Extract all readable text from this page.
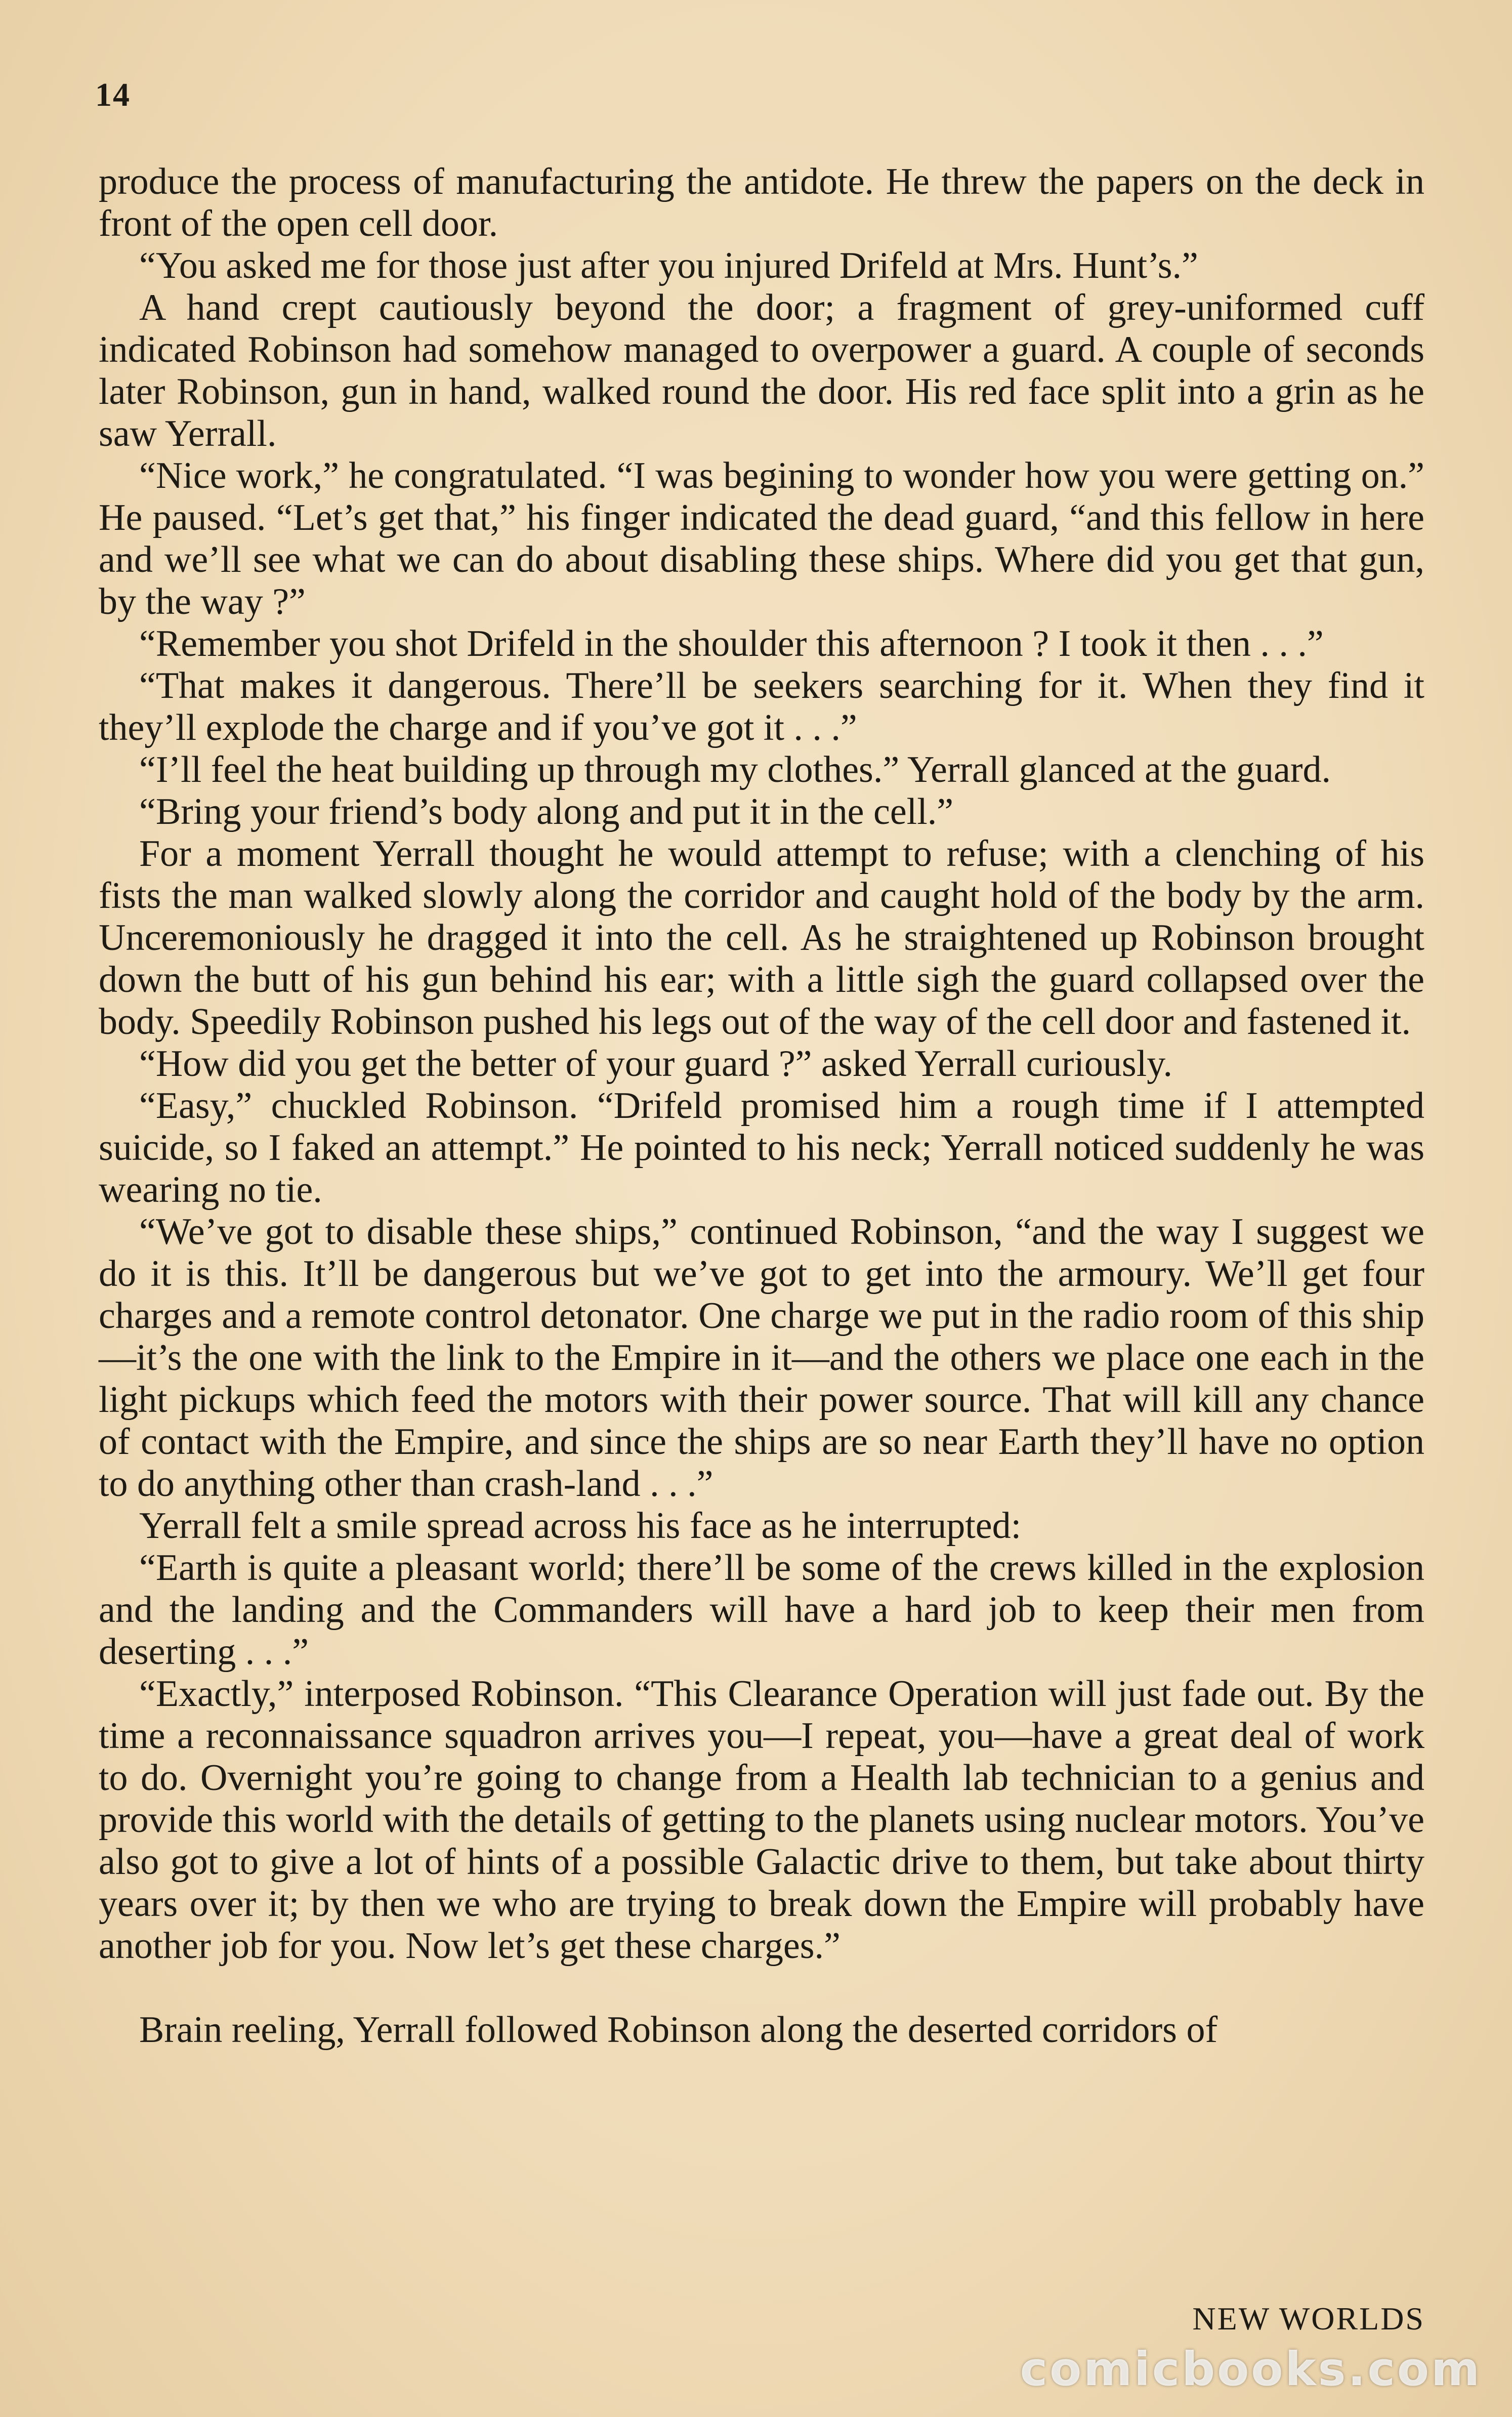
14

produce the process of manufacturing the antidote. He threw the papers on the deck in front of the open cell door.

“You asked me for those just after you injured Drifeld at Mrs. Hunt’s.”

A hand crept cautiously beyond the door; a fragment of grey-uniformed cuff indicated Robinson had somehow managed to overpower a guard. A couple of seconds later Robinson, gun in hand, walked round the door. His red face split into a grin as he saw Yerrall.

“Nice work,” he congratulated. “I was begining to wonder how you were getting on.” He paused. “Let’s get that,” his finger indicated the dead guard, “and this fellow in here and we’ll see what we can do about disabling these ships. Where did you get that gun, by the way ?”

“Remember you shot Drifeld in the shoulder this afternoon ? I took it then . . .”

“That makes it dangerous. There’ll be seekers searching for it. When they find it they’ll explode the charge and if you’ve got it . . .”

“I’ll feel the heat building up through my clothes.” Yerrall glanced at the guard.

“Bring your friend’s body along and put it in the cell.”

For a moment Yerrall thought he would attempt to refuse; with a clenching of his fists the man walked slowly along the corridor and caught hold of the body by the arm. Unceremoniously he dragged it into the cell. As he straightened up Robinson brought down the butt of his gun behind his ear; with a little sigh the guard collapsed over the body. Speedily Robinson pushed his legs out of the way of the cell door and fastened it.

“How did you get the better of your guard ?” asked Yerrall curiously.

“Easy,” chuckled Robinson. “Drifeld promised him a rough time if I attempted suicide, so I faked an attempt.” He pointed to his neck; Yerrall noticed suddenly he was wearing no tie.

“We’ve got to disable these ships,” continued Robinson, “and the way I suggest we do it is this. It’ll be dangerous but we’ve got to get into the armoury. We’ll get four charges and a remote control detonator. One charge we put in the radio room of this ship—it’s the one with the link to the Empire in it—and the others we place one each in the light pickups which feed the motors with their power source. That will kill any chance of contact with the Empire, and since the ships are so near Earth they’ll have no option to do anything other than crash-land . . .”

Yerrall felt a smile spread across his face as he interrupted:

“Earth is quite a pleasant world; there’ll be some of the crews killed in the explosion and the landing and the Commanders will have a hard job to keep their men from deserting . . .”

“Exactly,” interposed Robinson. “This Clearance Operation will just fade out. By the time a reconnaissance squadron arrives you—I repeat, you—have a great deal of work to do. Overnight you’re going to change from a Health lab technician to a genius and provide this world with the details of getting to the planets using nuclear motors. You’ve also got to give a lot of hints of a possible Galactic drive to them, but take about thirty years over it; by then we who are trying to break down the Empire will probably have another job for you. Now let’s get these charges.”

Brain reeling, Yerrall followed Robinson along the deserted corridors of

NEW WORLDS
comicbooks.com
